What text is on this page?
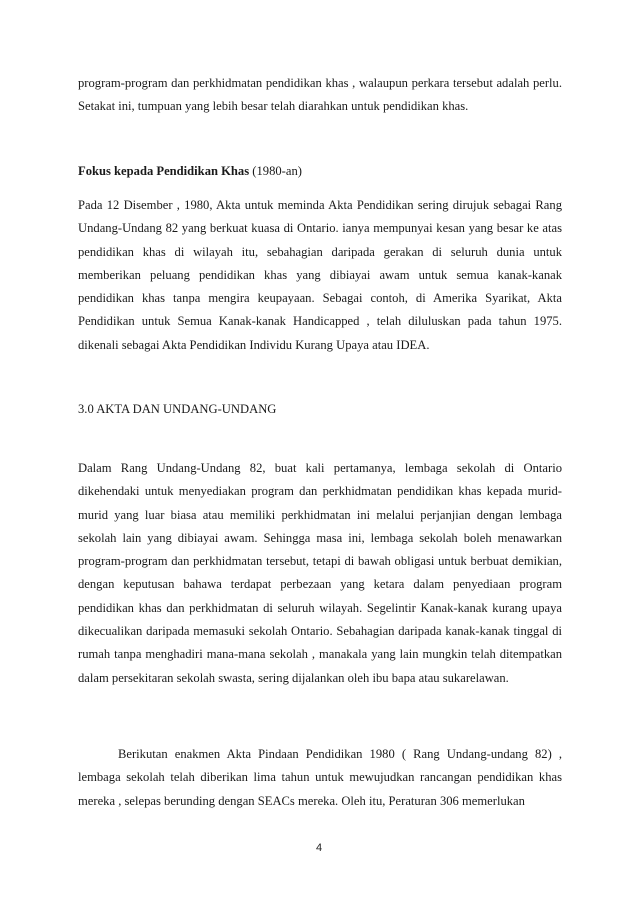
program-program dan perkhidmatan pendidikan khas , walaupun perkara tersebut adalah perlu. Setakat ini, tumpuan yang lebih besar telah diarahkan untuk pendidikan khas.

Fokus kepada Pendidikan Khas (1980-an)

Pada 12 Disember , 1980, Akta untuk meminda Akta Pendidikan sering dirujuk sebagai Rang Undang-Undang 82 yang berkuat kuasa di Ontario. ianya mempunyai kesan yang besar ke atas pendidikan khas di wilayah itu, sebahagian daripada gerakan di seluruh dunia untuk memberikan peluang pendidikan khas yang dibiayai awam untuk semua kanak-kanak pendidikan khas tanpa mengira keupayaan. Sebagai contoh, di Amerika Syarikat, Akta Pendidikan untuk Semua Kanak-kanak Handicapped , telah diluluskan pada tahun 1975. dikenali sebagai Akta Pendidikan Individu Kurang Upaya atau IDEA.

3.0 AKTA DAN UNDANG-UNDANG

Dalam Rang Undang-Undang 82, buat kali pertamanya, lembaga sekolah di Ontario dikehendaki untuk menyediakan program dan perkhidmatan pendidikan khas kepada murid-murid yang luar biasa atau memiliki perkhidmatan ini melalui perjanjian dengan lembaga sekolah lain yang dibiayai awam. Sehingga masa ini, lembaga sekolah boleh menawarkan program-program dan perkhidmatan tersebut, tetapi di bawah obligasi untuk berbuat demikian, dengan keputusan bahawa terdapat perbezaan yang ketara dalam penyediaan program pendidikan khas dan perkhidmatan di seluruh wilayah. Segelintir Kanak-kanak kurang upaya dikecualikan daripada memasuki sekolah Ontario. Sebahagian daripada kanak-kanak tinggal di rumah tanpa menghadiri mana-mana sekolah , manakala yang lain mungkin telah ditempatkan dalam persekitaran sekolah swasta, sering dijalankan oleh ibu bapa atau sukarelawan.

Berikutan enakmen Akta Pindaan Pendidikan 1980 ( Rang Undang-undang 82) , lembaga sekolah telah diberikan lima tahun untuk mewujudkan rancangan pendidikan khas mereka , selepas berunding dengan SEACs mereka. Oleh itu, Peraturan 306 memerlukan

4
